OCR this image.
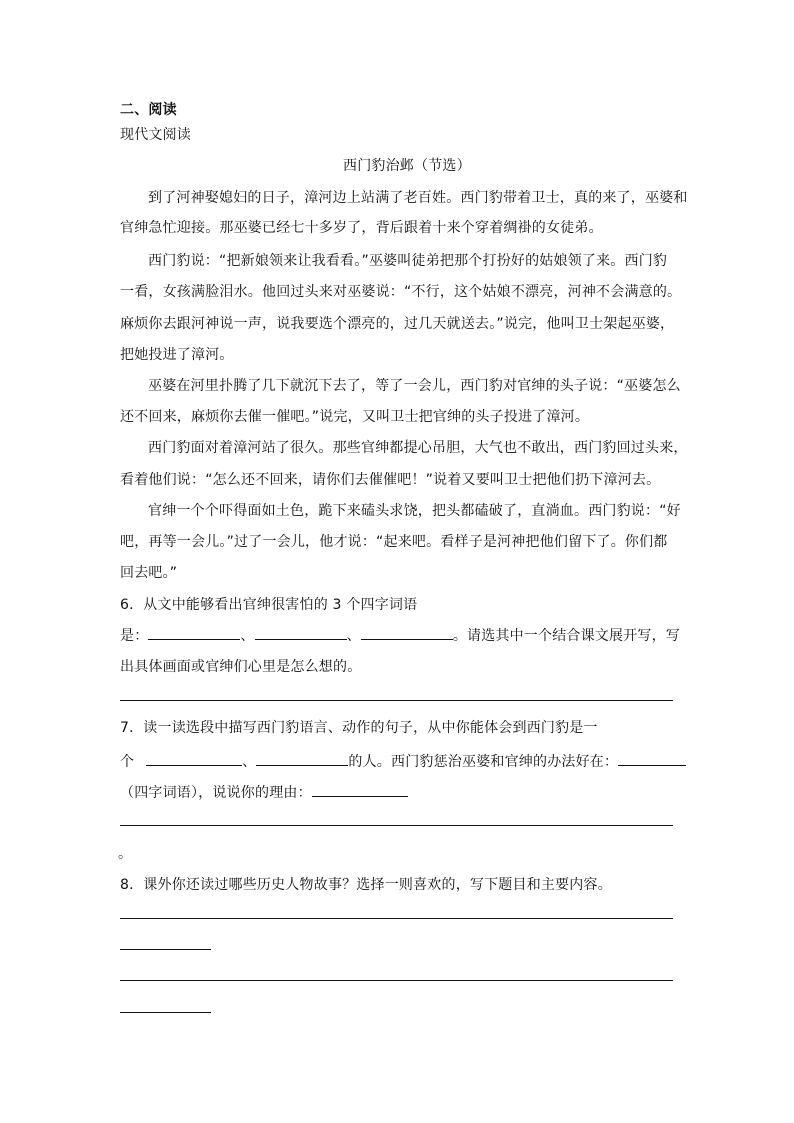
二、阅读
现代文阅读
西门豹治邺（节选）
到了河神娶媳妇的日子，漳河边上站满了老百姓。西门豹带着卫士，真的来了，巫婆和
官绅急忙迎接。那巫婆已经七十多岁了，背后跟着十来个穿着绸褂的女徒弟。
西门豹说：“把新娘领来让我看看。”巫婆叫徒弟把那个打扮好的姑娘领了来。西门豹
一看，女孩满脸泪水。他回过头来对巫婆说：“不行，这个姑娘不漂亮，河神不会满意的。
麻烦你去跟河神说一声，说我要选个漂亮的，过几天就送去。”说完，他叫卫士架起巫婆，
把她投进了漳河。
巫婆在河里扑腾了几下就沉下去了，等了一会儿，西门豹对官绅的头子说：“巫婆怎么
还不回来，麻烦你去催一催吧。”说完，又叫卫士把官绅的头子投进了漳河。
西门豹面对着漳河站了很久。那些官绅都提心吊胆，大气也不敢出，西门豹回过头来，
看着他们说：“怎么还不回来，请你们去催催吧！”说着又要叫卫士把他们扔下漳河去。
官绅一个个吓得面如土色，跪下来磕头求饶，把头都磕破了，直淌血。西门豹说：“好
吧，再等一会儿。”过了一会儿，他才说：“起来吧。看样子是河神把他们留下了。你们都
回去吧。”
6．从文中能够看出官绅很害怕的 3 个四字词语
是：	、	、	。请选其中一个结合课文展开写，写
出具体画面或官绅们心里是怎么想的。
7．读一读选段中描写西门豹语言、动作的句子，从中你能体会到西门豹是一
个	、	的人。西门豹惩治巫婆和官绅的办法好在：
（四字词语），说说你的理由：
。
8．课外你还读过哪些历史人物故事？选择一则喜欢的，写下题目和主要内容。
